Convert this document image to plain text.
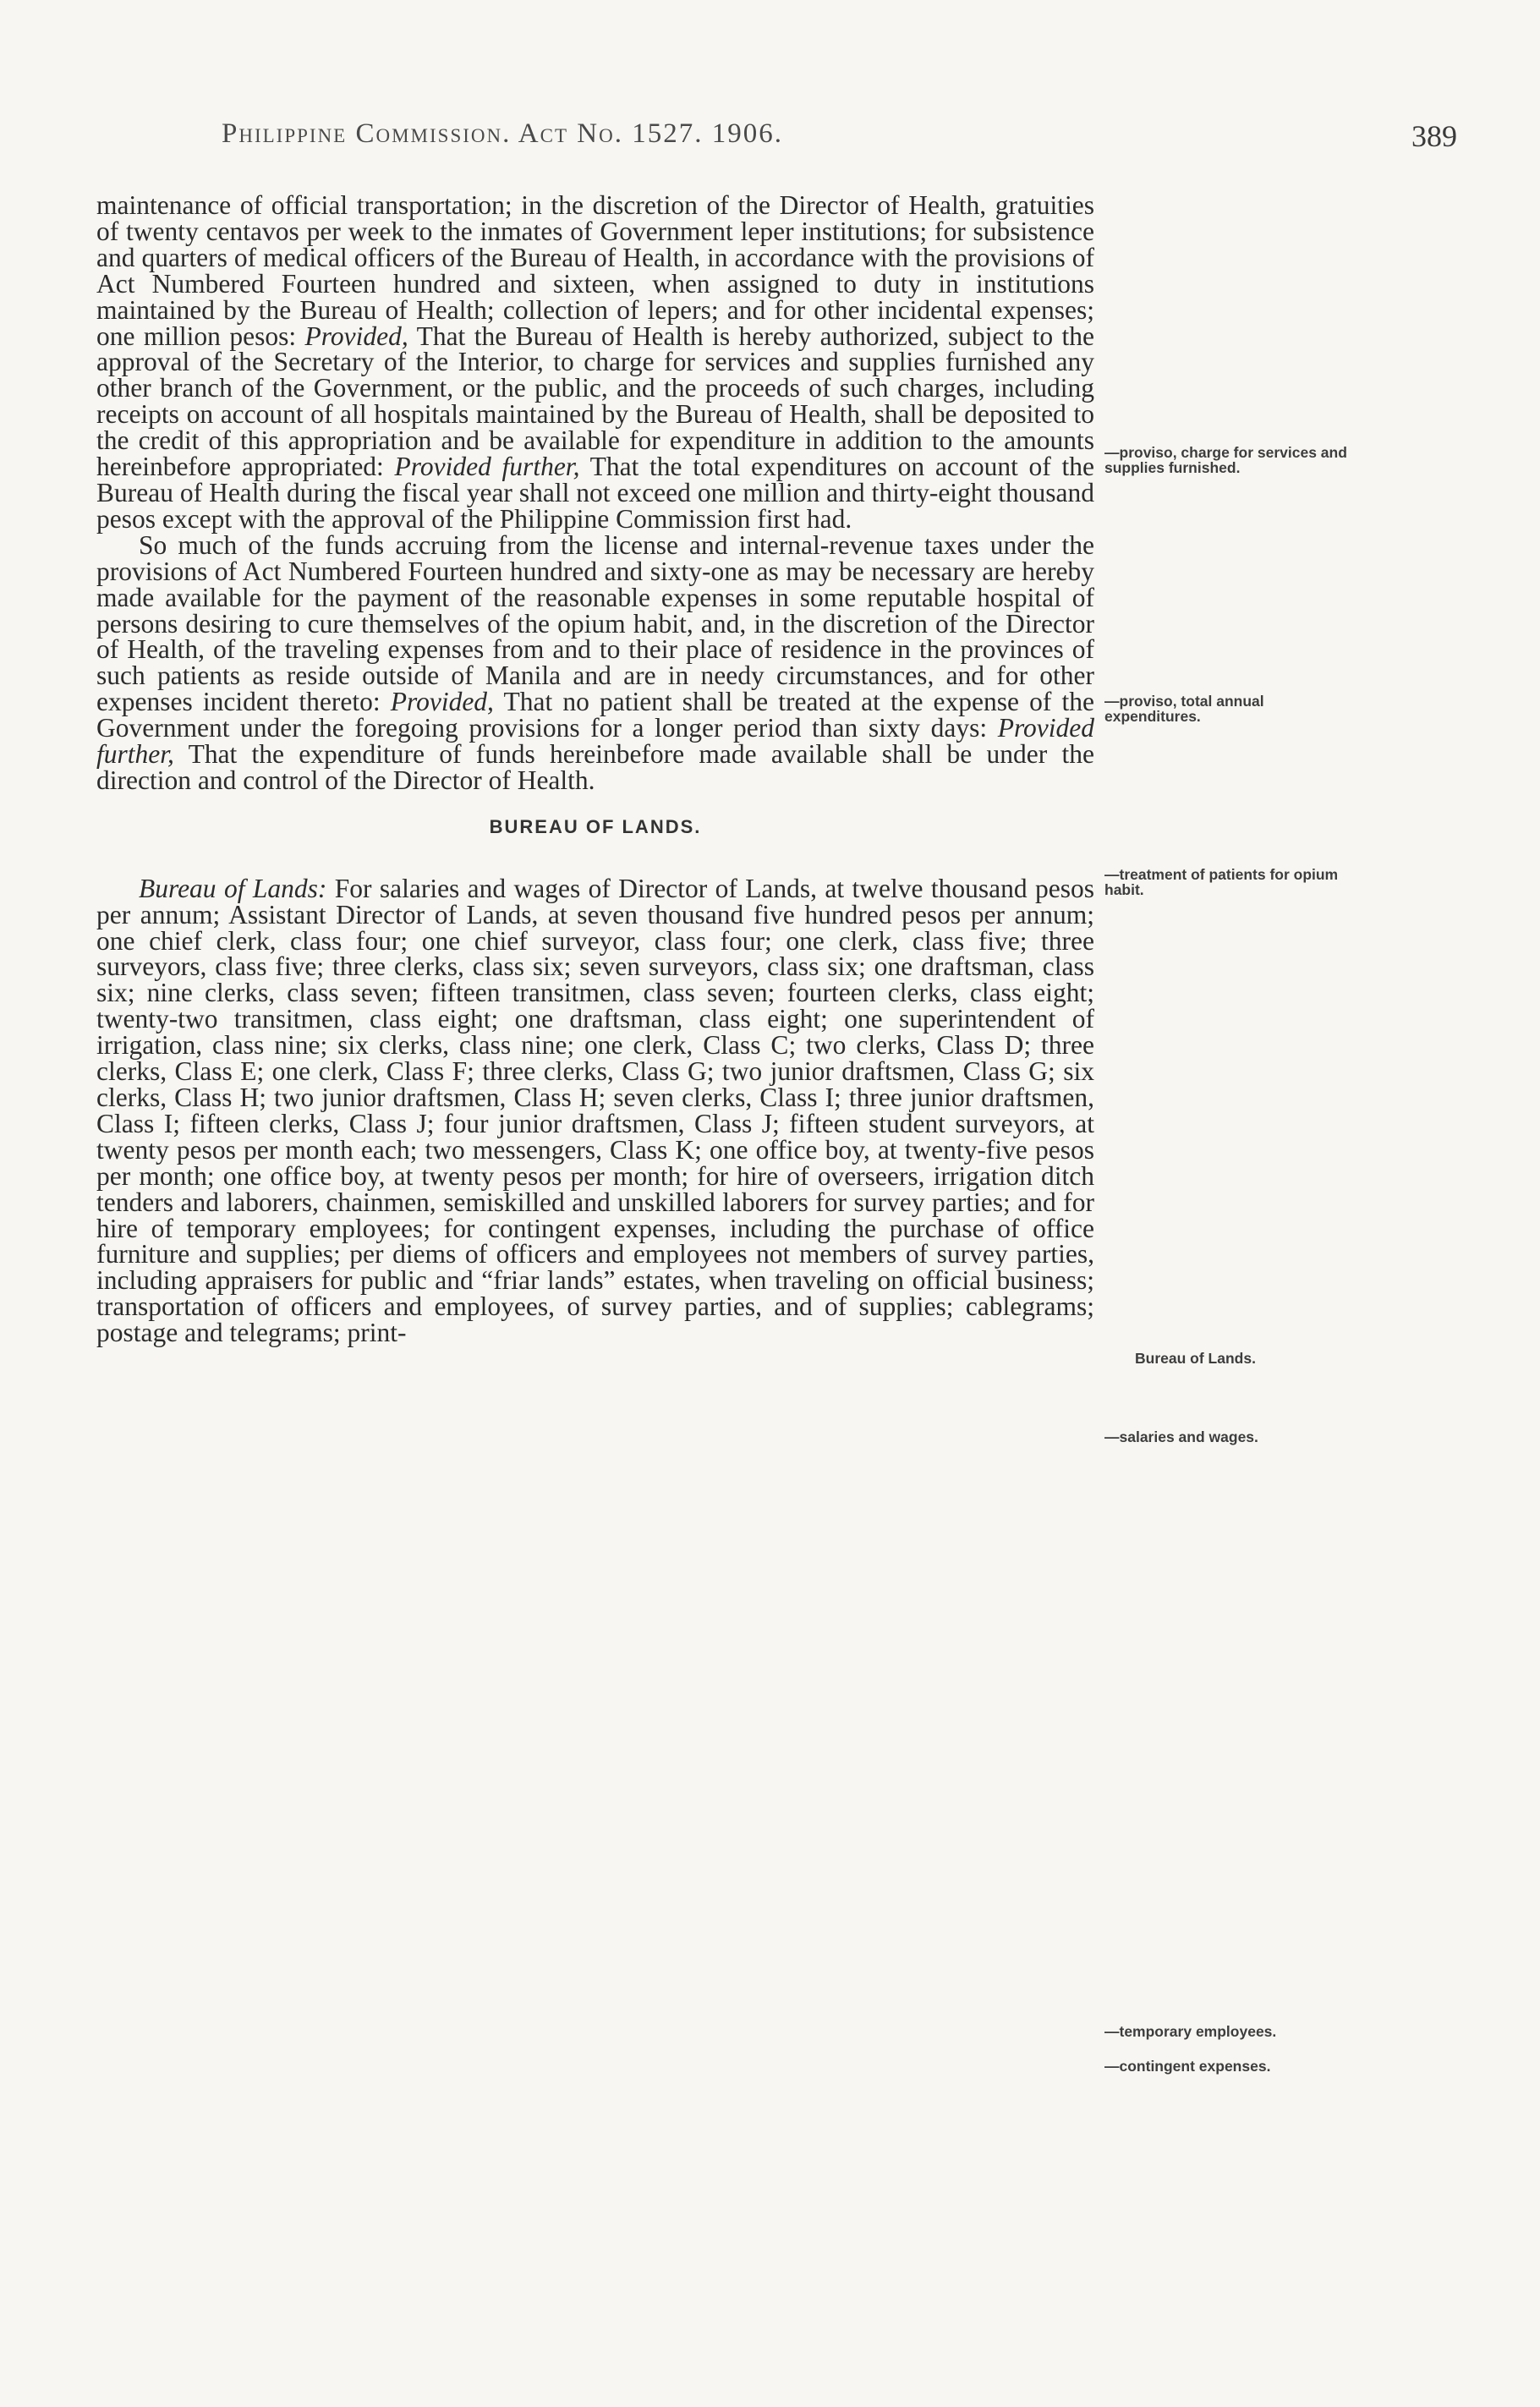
Philippine Commission. Act No. 1527. 1906.	389

maintenance of official transportation; in the discretion of the Director of Health, gratuities of twenty centavos per week to the inmates of Government leper institutions; for subsistence and quarters of medical officers of the Bureau of Health, in accordance with the provisions of Act Numbered Fourteen hundred and sixteen, when assigned to duty in institutions maintained by the Bureau of Health; collection of lepers; and for other incidental expenses; one million pesos: Provided, That the Bureau of Health is hereby authorized, subject to the approval of the Secretary of the Interior, to charge for services and supplies furnished any other branch of the Government, or the public, and the proceeds of such charges, including receipts on account of all hospitals maintained by the Bureau of Health, shall be deposited to the credit of this appropriation and be available for expenditure in addition to the amounts hereinbefore appropriated: Provided further, That the total expenditures on account of the Bureau of Health during the fiscal year shall not exceed one million and thirty-eight thousand pesos except with the approval of the Philippine Commission first had.

So much of the funds accruing from the license and internal-revenue taxes under the provisions of Act Numbered Fourteen hundred and sixty-one as may be necessary are hereby made available for the payment of the reasonable expenses in some reputable hospital of persons desiring to cure themselves of the opium habit, and, in the discretion of the Director of Health, of the traveling expenses from and to their place of residence in the provinces of such patients as reside outside of Manila and are in needy circumstances, and for other expenses incident thereto: Provided, That no patient shall be treated at the expense of the Government under the foregoing provisions for a longer period than sixty days: Provided further, That the expenditure of funds hereinbefore made available shall be under the direction and control of the Director of Health.

BUREAU OF LANDS.

Bureau of Lands: For salaries and wages of Director of Lands, at twelve thousand pesos per annum; Assistant Director of Lands, at seven thousand five hundred pesos per annum; one chief clerk, class four; one chief surveyor, class four; one clerk, class five; three surveyors, class five; three clerks, class six; seven surveyors, class six; one draftsman, class six; nine clerks, class seven; fifteen transitmen, class seven; fourteen clerks, class eight; twenty-two transitmen, class eight; one draftsman, class eight; one superintendent of irrigation, class nine; six clerks, class nine; one clerk, Class C; two clerks, Class D; three clerks, Class E; one clerk, Class F; three clerks, Class G; two junior draftsmen, Class G; six clerks, Class H; two junior draftsmen, Class H; seven clerks, Class I; three junior draftsmen, Class I; fifteen clerks, Class J; four junior draftsmen, Class J; fifteen student surveyors, at twenty pesos per month each; two messengers, Class K; one office boy, at twenty-five pesos per month; one office boy, at twenty pesos per month; for hire of overseers, irrigation ditch tenders and laborers, chainmen, semiskilled and unskilled laborers for survey parties; and for hire of temporary employees; for contingent expenses, including the purchase of office furniture and supplies; per diems of officers and employees not members of survey parties, including appraisers for public and “friar lands” estates, when traveling on official business; transportation of officers and employees, of survey parties, and of supplies; cablegrams; postage and telegrams; print-

—proviso, charge for services and supplies furnished.
—proviso, total annual expenditures.
—treatment of patients for opium habit.
Bureau of Lands.
—salaries and wages.
—temporary employees.
—contingent expenses.
